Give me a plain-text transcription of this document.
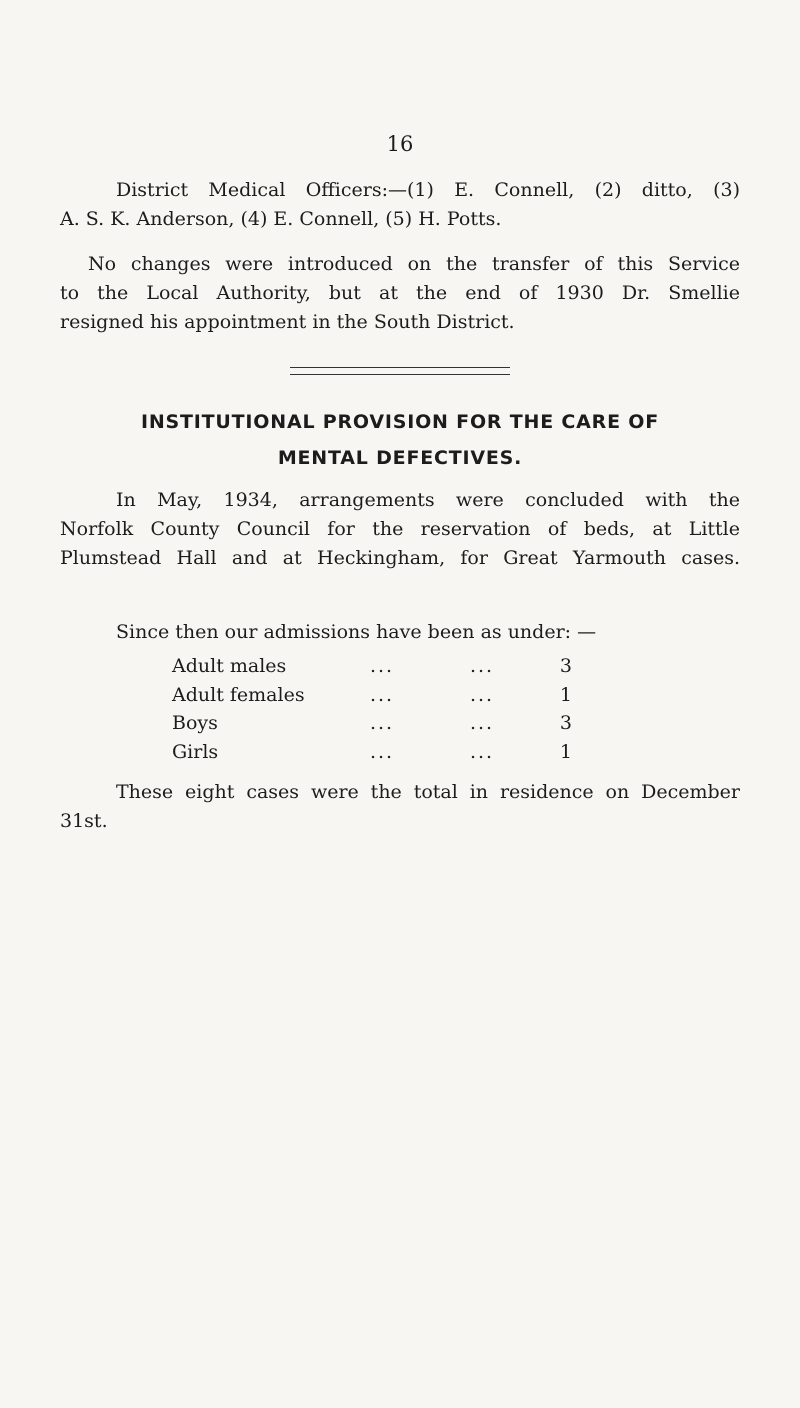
16
District Medical Officers:—(1) E. Connell, (2) ditto, (3)
A. S. K. Anderson, (4) E. Connell, (5) H. Potts.
No changes were introduced on the transfer of this Service
to the Local Authority, but at the end of 1930 Dr. Smellie
resigned his appointment in the South District.
INSTITUTIONAL PROVISION FOR THE CARE OF
MENTAL DEFECTIVES.
In May, 1934, arrangements were concluded with the
Norfolk County Council for the reservation of beds, at Little
Plumstead Hall and at Heckingham, for Great Yarmouth cases.
Since then our admissions have been as under: —
Adult males	...	...	3
Adult females	...	...	1
Boys	...	...	3
Girls	...	...	1
These eight cases were the total in residence on December
31st.
